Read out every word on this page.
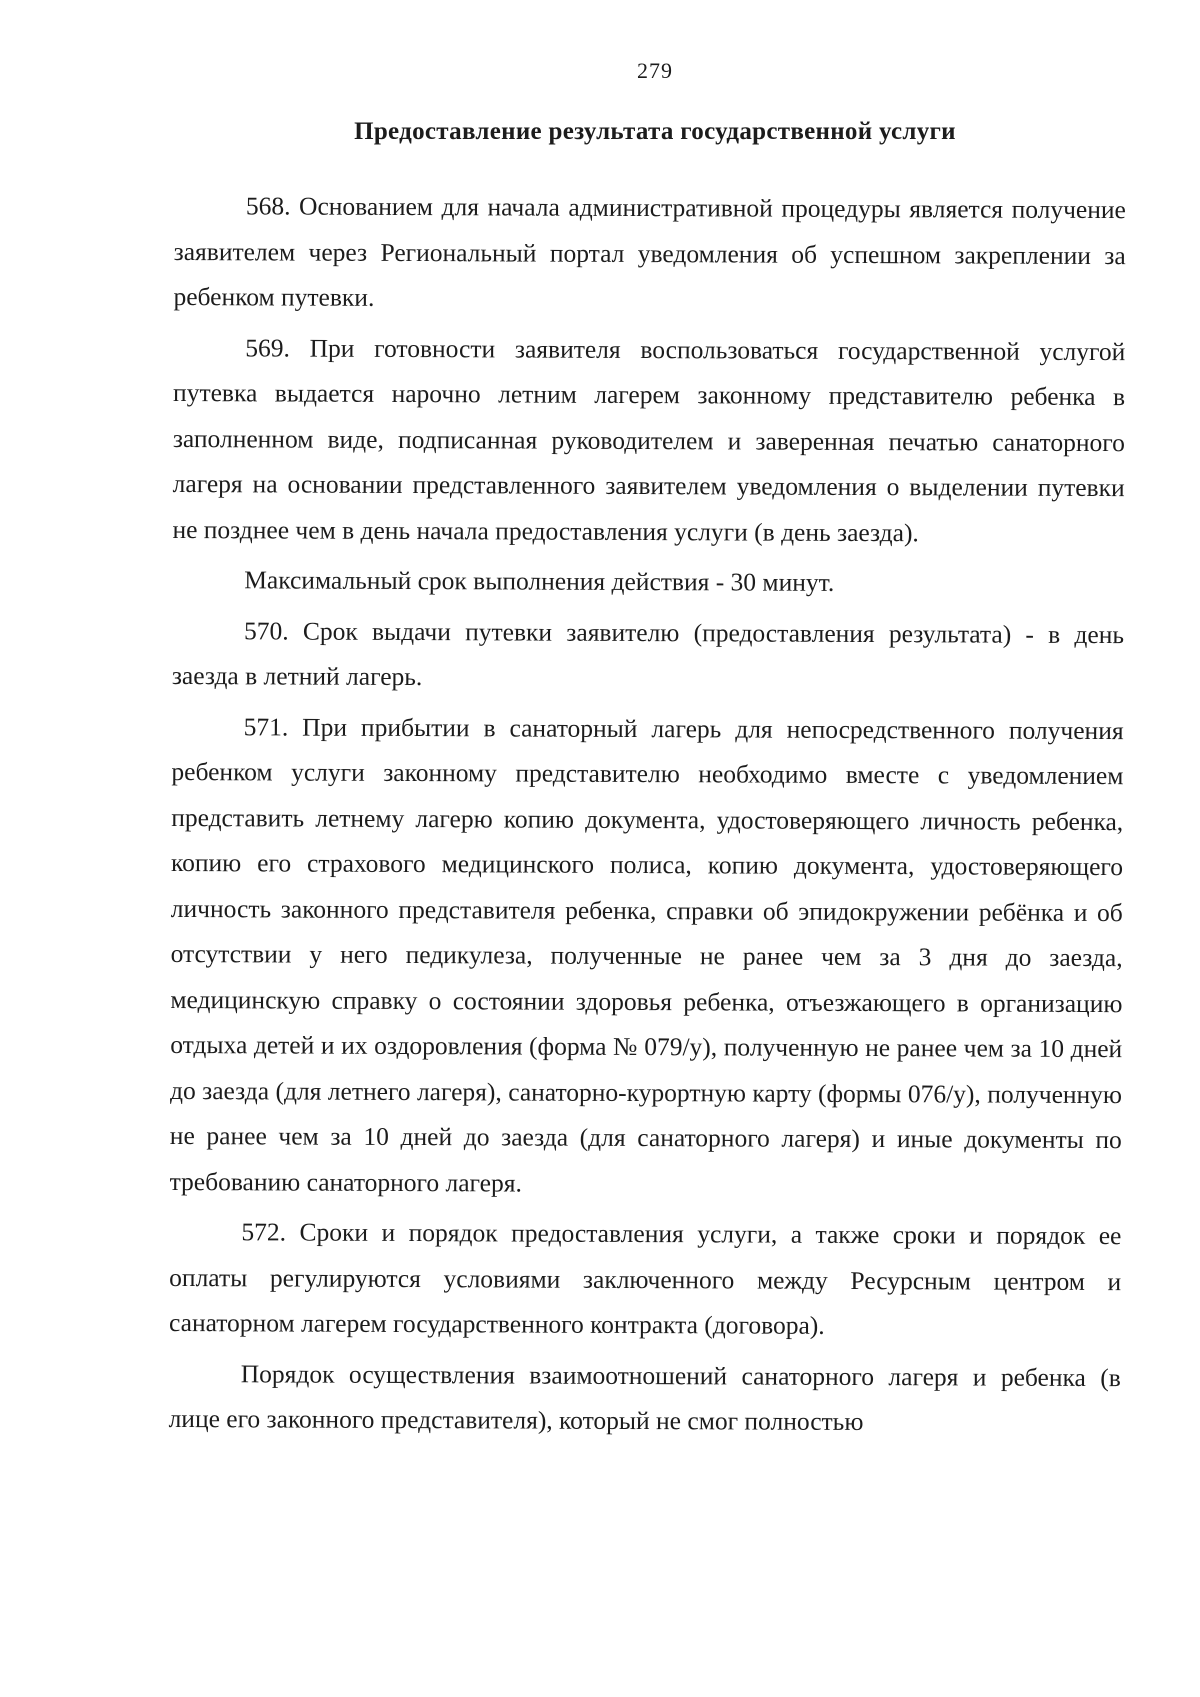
279
Предоставление результата государственной услуги

568. Основанием для начала административной процедуры является получение заявителем через Региональный портал уведомления об успешном закреплении за ребенком путевки.

569. При готовности заявителя воспользоваться государственной услугой путевка выдается нарочно летним лагерем законному представителю ребенка в заполненном виде, подписанная руководителем и заверенная печатью санаторного лагеря на основании представленного заявителем уведомления о выделении путевки не позднее чем в день начала предоставления услуги (в день заезда).

Максимальный срок выполнения действия - 30 минут.

570. Срок выдачи путевки заявителю (предоставления результата) - в день заезда в летний лагерь.

571. При прибытии в санаторный лагерь для непосредственного получения ребенком услуги законному представителю необходимо вместе с уведомлением представить летнему лагерю копию документа, удостоверяющего личность ребенка, копию его страхового медицинского полиса, копию документа, удостоверяющего личность законного представителя ребенка, справки об эпидокружении ребёнка и об отсутствии у него педикулеза, полученные не ранее чем за 3 дня до заезда, медицинскую справку о состоянии здоровья ребенка, отъезжающего в организацию отдыха детей и их оздоровления (форма № 079/у), полученную не ранее чем за 10 дней до заезда (для летнего лагеря), санаторно-курортную карту (формы 076/у), полученную не ранее чем за 10 дней до заезда (для санаторного лагеря) и иные документы по требованию санаторного лагеря.

572. Сроки и порядок предоставления услуги, а также сроки и порядок ее оплаты регулируются условиями заключенного между Ресурсным центром и санаторном лагерем государственного контракта (договора).

Порядок осуществления взаимоотношений санаторного лагеря и ребенка (в лице его законного представителя), который не смог полностью
